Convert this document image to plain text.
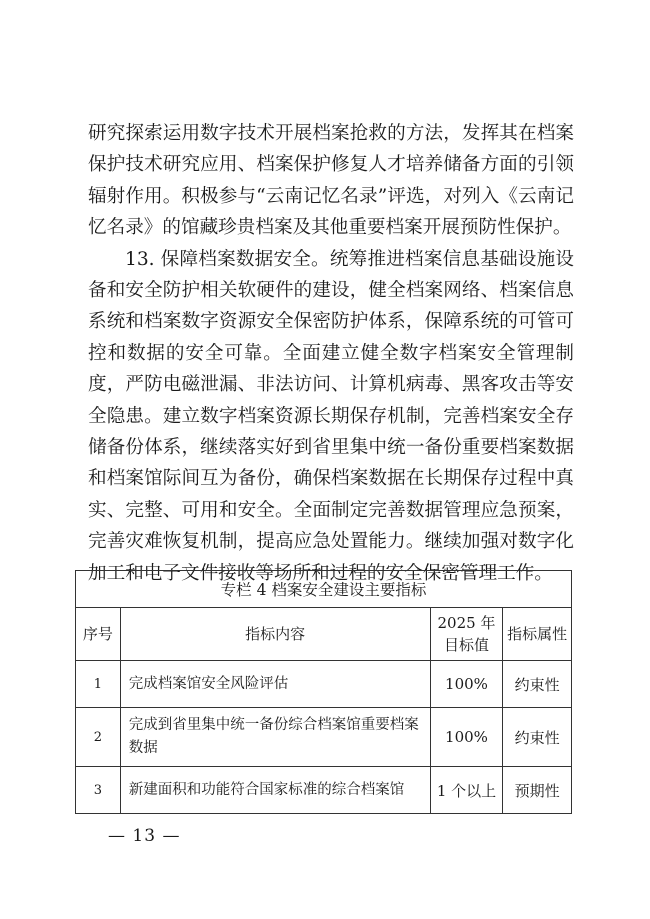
研究探索运用数字技术开展档案抢救的方法，发挥其在档案保护技术研究应用、档案保护修复人才培养储备方面的引领辐射作用。积极参与“云南记忆名录”评选，对列入《云南记忆名录》的馆藏珍贵档案及其他重要档案开展预防性保护。

13. 保障档案数据安全。统筹推进档案信息基础设施设备和安全防护相关软硬件的建设，健全档案网络、档案信息系统和档案数字资源安全保密防护体系，保障系统的可管可控和数据的安全可靠。全面建立健全数字档案安全管理制度，严防电磁泄漏、非法访问、计算机病毒、黑客攻击等安全隐患。建立数字档案资源长期保存机制，完善档案安全存储备份体系，继续落实好到省里集中统一备份重要档案数据和档案馆际间互为备份，确保档案数据在长期保存过程中真实、完整、可用和安全。全面制定完善数据管理应急预案，完善灾难恢复机制，提高应急处置能力。继续加强对数字化加工和电子文件接收等场所和过程的安全保密管理工作。

专栏 4 档案安全建设主要指标			
序号	指标内容	2025 年目标值	指标属性
1	完成档案馆安全风险评估	100%	约束性
2	完成到省里集中统一备份综合档案馆重要档案数据	100%	约束性
3	新建面积和功能符合国家标准的综合档案馆	1 个以上	预期性
— 13 —
